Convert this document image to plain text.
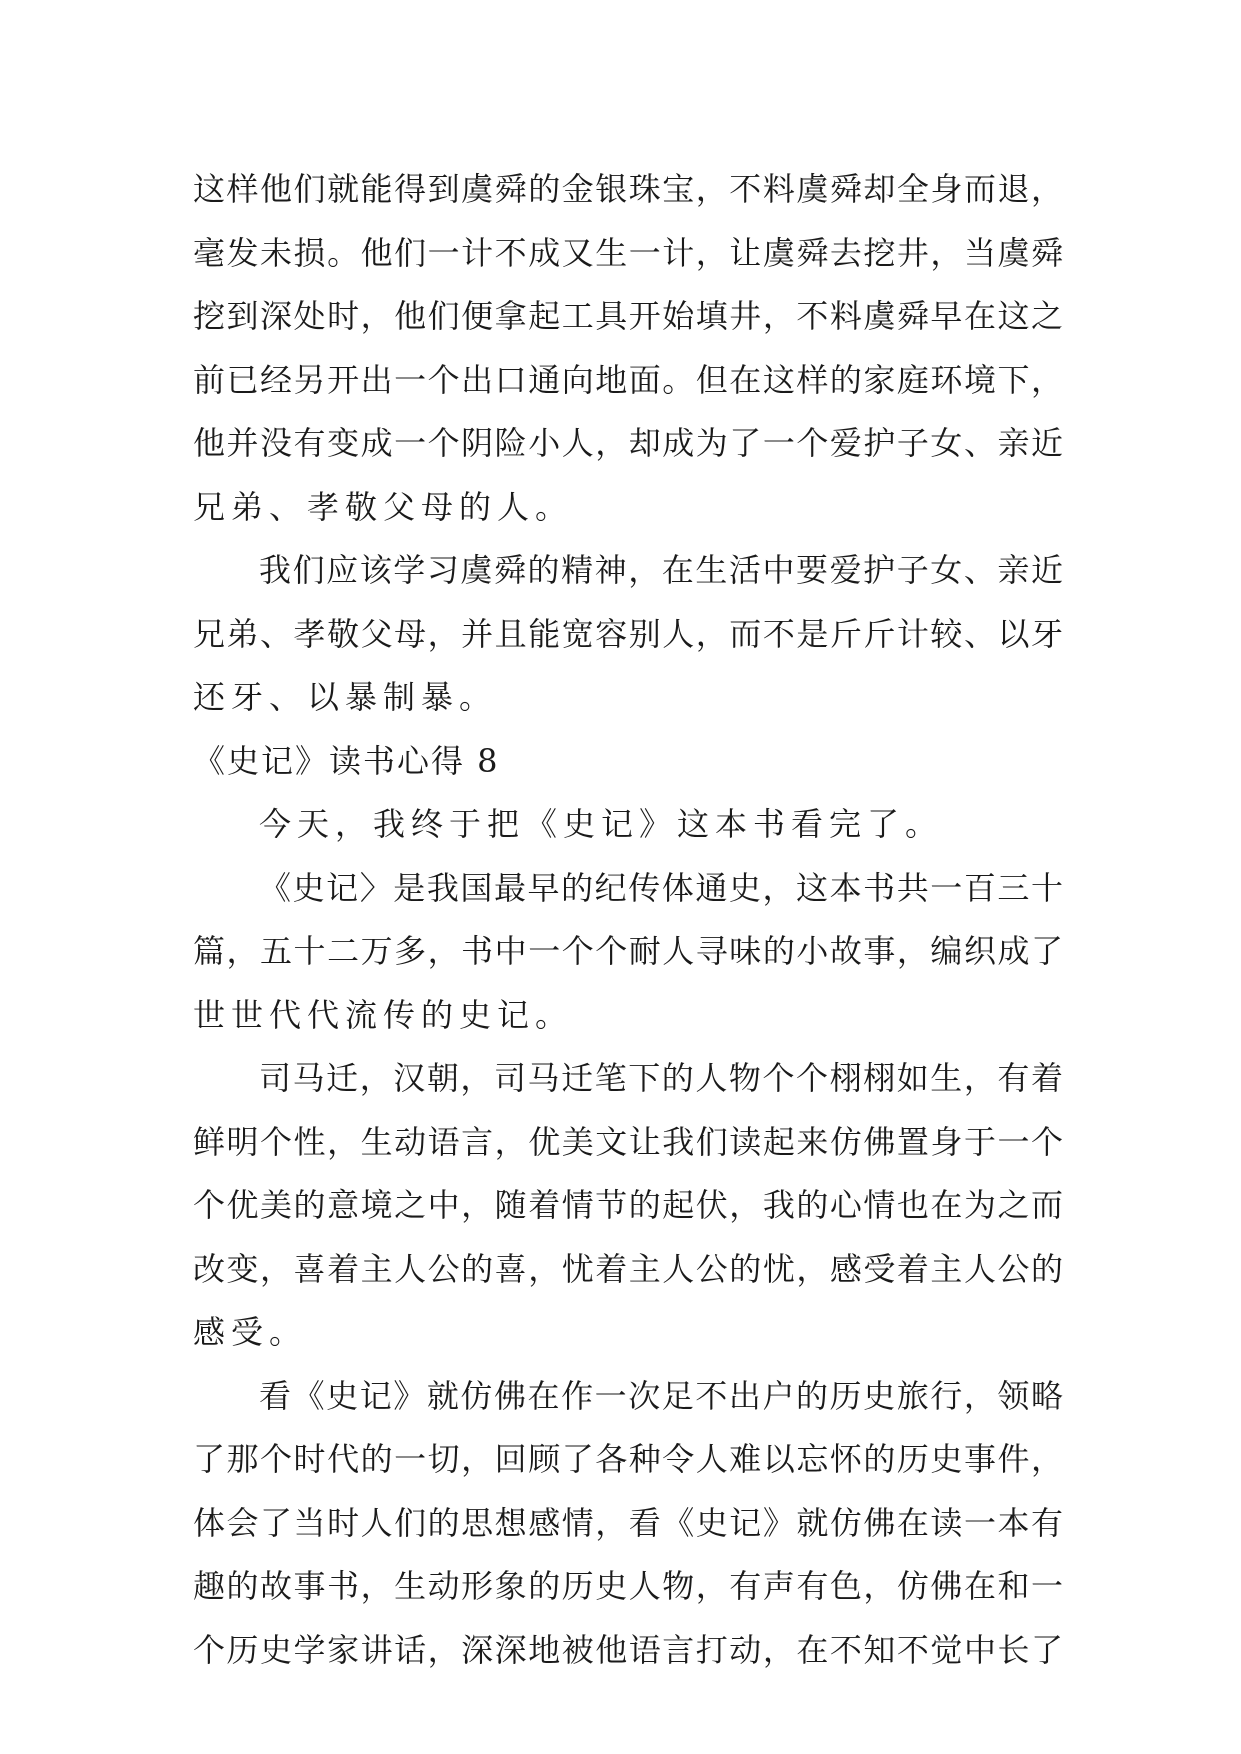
这样他们就能得到虞舜的金银珠宝，不料虞舜却全身而退，
毫发未损。他们一计不成又生一计，让虞舜去挖井，当虞舜
挖到深处时，他们便拿起工具开始填井，不料虞舜早在这之
前已经另开出一个出口通向地面。但在这样的家庭环境下，
他并没有变成一个阴险小人，却成为了一个爱护子女、亲近
兄弟、孝敬父母的人。
我们应该学习虞舜的精神，在生活中要爱护子女、亲近
兄弟、孝敬父母，并且能宽容别人，而不是斤斤计较、以牙
还牙、以暴制暴。
《史记》读书心得 8
今天，我终于把《史记》这本书看完了。
《史记〉是我国最早的纪传体通史，这本书共一百三十
篇，五十二万多，书中一个个耐人寻味的小故事，编织成了
世世代代流传的史记。
司马迁，汉朝，司马迁笔下的人物个个栩栩如生，有着
鲜明个性，生动语言，优美文让我们读起来仿佛置身于一个
个优美的意境之中，随着情节的起伏，我的心情也在为之而
改变，喜着主人公的喜，忧着主人公的忧，感受着主人公的
感受。
看《史记》就仿佛在作一次足不出户的历史旅行，领略
了那个时代的一切，回顾了各种令人难以忘怀的历史事件，
体会了当时人们的思想感情，看《史记》就仿佛在读一本有
趣的故事书，生动形象的历史人物，有声有色，仿佛在和一
个历史学家讲话，深深地被他语言打动，在不知不觉中长了
